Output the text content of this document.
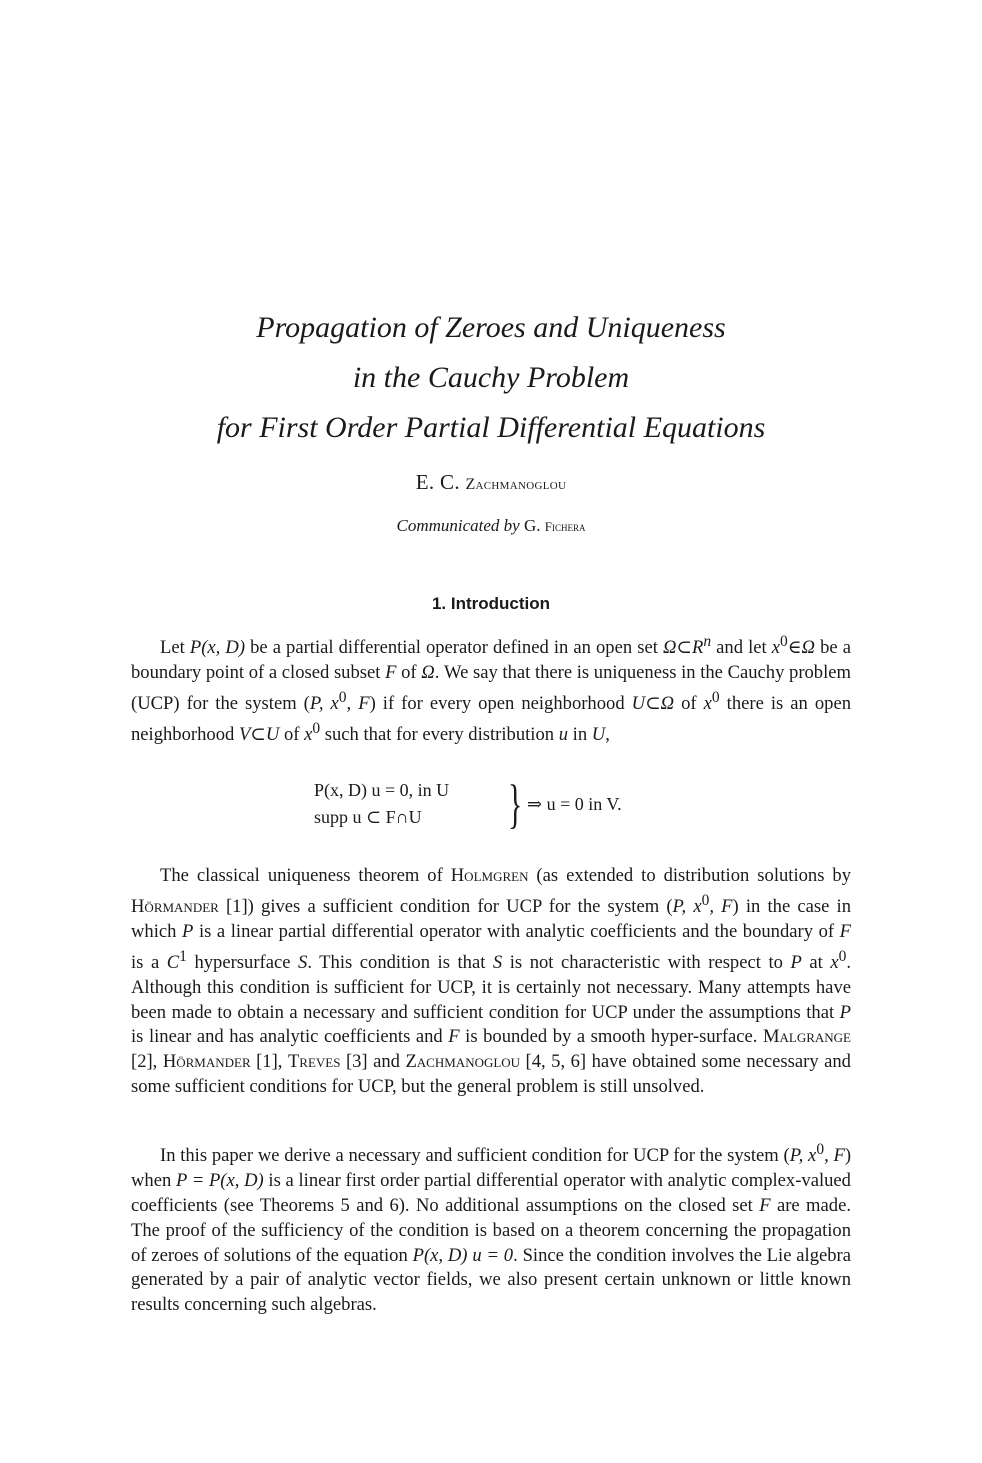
Propagation of Zeroes and Uniqueness
in the Cauchy Problem
for First Order Partial Differential Equations
E. C. Zachmanoglou
Communicated by G. Fichera
1. Introduction
Let P(x, D) be a partial differential operator defined in an open set $\Omega\subset R^n$ and let $x^0\in\Omega$ be a boundary point of a closed subset F of Ω. We say that there is uniqueness in the Cauchy problem (UCP) for the system (P, $x^0$, F) if for every open neighborhood U⊂Ω of $x^0$ there is an open neighborhood V⊂U of $x^0$ such that for every distribution u in U,
P(x, D) u = 0, in U
supp u ⊂ F∩U } ⇒ u = 0 in V.
The classical uniqueness theorem of Holmgren (as extended to distribution solutions by Hörmander [1]) gives a sufficient condition for UCP for the system (P, $x^0$, F) in the case in which P is a linear partial differential operator with analytic coefficients and the boundary of F is a $C^1$ hypersurface S. This condition is that S is not characteristic with respect to P at $x^0$. Although this condition is sufficient for UCP, it is certainly not necessary. Many attempts have been made to obtain a necessary and sufficient condition for UCP under the assumptions that P is linear and has analytic coefficients and F is bounded by a smooth hyper-surface. Malgrange [2], Hörmander [1], Treves [3] and Zachmanoglou [4, 5, 6] have obtained some necessary and some sufficient conditions for UCP, but the general problem is still unsolved.
In this paper we derive a necessary and sufficient condition for UCP for the system (P, $x^0$, F) when P = P(x, D) is a linear first order partial differential operator with analytic complex-valued coefficients (see Theorems 5 and 6). No additional assumptions on the closed set F are made. The proof of the sufficiency of the condition is based on a theorem concerning the propagation of zeroes of solutions of the equation P(x, D) u = 0. Since the condition involves the Lie algebra generated by a pair of analytic vector fields, we also present certain unknown or little known results concerning such algebras.
